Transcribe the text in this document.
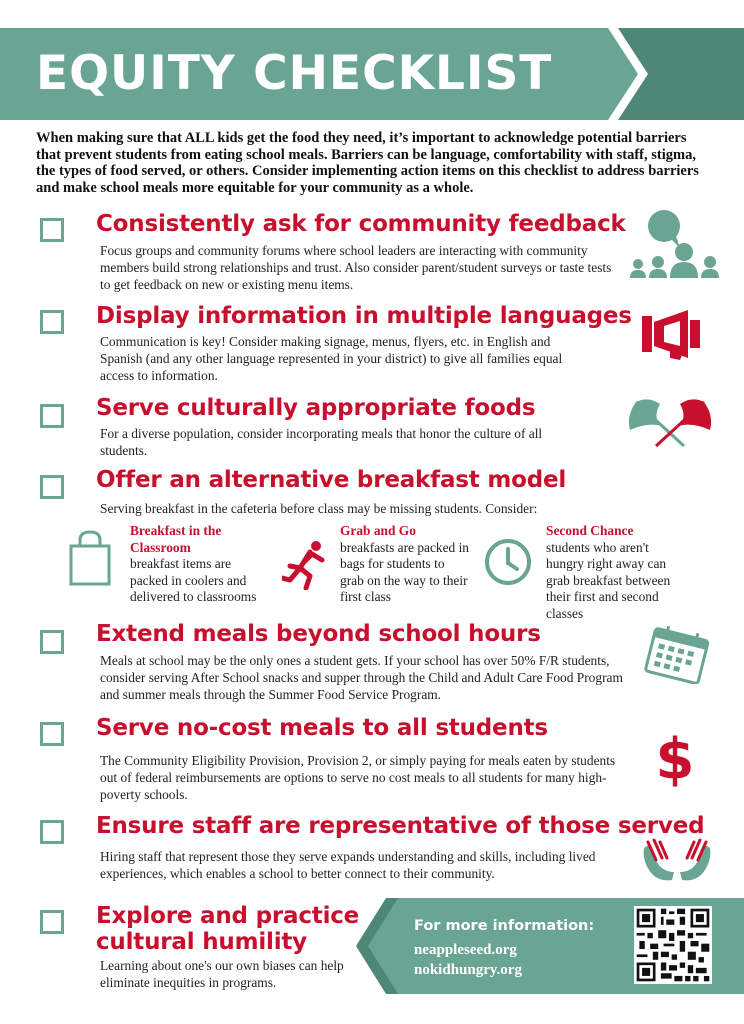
EQUITY CHECKLIST
When making sure that ALL kids get the food they need, it’s important to acknowledge potential barriers that prevent students from eating school meals. Barriers can be language, comfortability with staff, stigma, the types of food served, or others. Consider implementing action items on this checklist to address barriers and make school meals more equitable for your community as a whole.
Consistently ask for community feedback
Focus groups and community forums where school leaders are interacting with community members build strong relationships and trust. Also consider parent/student surveys or taste tests to get feedback on new or existing menu items.
Display information in multiple languages
Communication is key! Consider making signage, menus, flyers, etc. in English and Spanish (and any other language represented in your district) to give all families equal access to information.
Serve culturally appropriate foods
For a diverse population, consider incorporating meals that honor the culture of all students.
Offer an alternative breakfast model
Serving breakfast in the cafeteria before class may be missing students. Consider:
Breakfast in the
Classroom
breakfast items are packed in coolers and delivered to classrooms
Grab and Go
breakfasts are packed in bags for students to grab on the way to their first class
Second Chance
students who aren't hungry right away can grab breakfast between their first and second classes
Extend meals beyond school hours
Meals at school may be the only ones a student gets. If your school has over 50% F/R students, consider serving After School snacks and supper through the Child and Adult Care Food Program and summer meals through the Summer Food Service Program.
Serve no-cost meals to all students
The Community Eligibility Provision, Provision 2, or simply paying for meals eaten by students out of federal reimbursements are options to serve no cost meals to all students for many high-poverty schools.
$
Ensure staff are representative of those served
Hiring staff that represent those they serve expands understanding and skills, including lived experiences, which enables a school to better connect to their community.
Explore and practice
cultural humility
Learning about one's our own biases can help eliminate inequities in programs.
For more information:
neappleseed.org
nokidhungry.org
